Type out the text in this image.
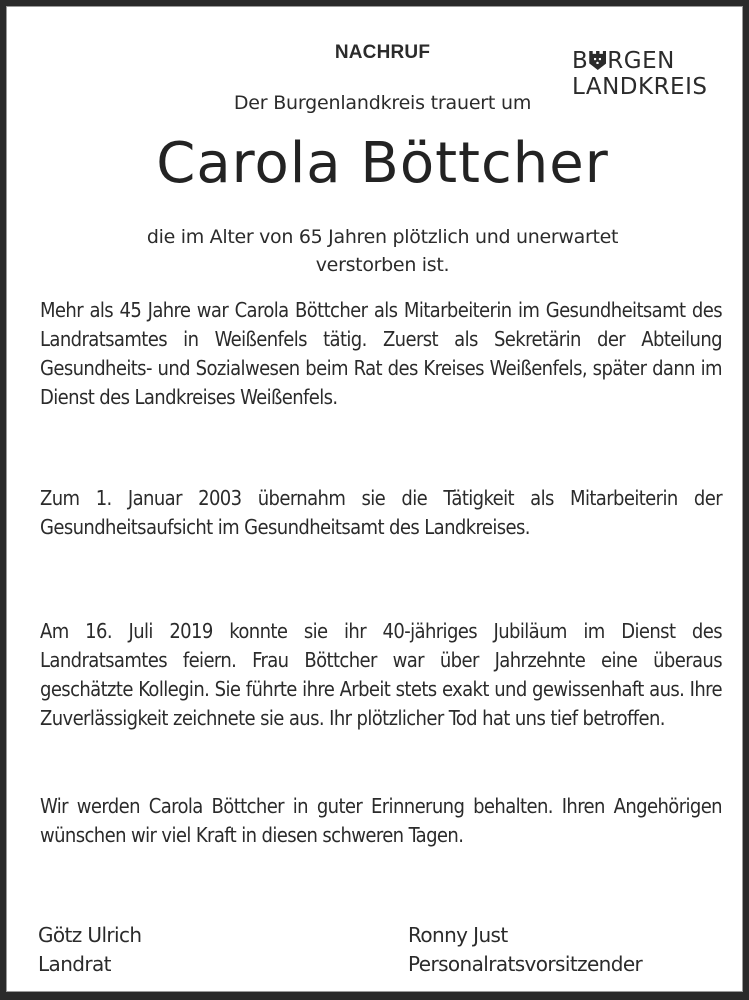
NACHRUF	B RGEN
LANDKREIS
Der Burgenlandkreis trauert um
Carola Böttcher
die im Alter von 65 Jahren plötzlich und unerwartet
verstorben ist.

Mehr als 45 Jahre war Carola Böttcher als Mitarbeiterin im Gesundheitsamt des Landratsamtes in Weißenfels tätig. Zuerst als Sekretärin der Abteilung Gesundheits- und Sozialwesen beim Rat des Kreises Weißenfels, später dann im Dienst des Landkreises Weißenfels.

Zum 1. Januar 2003 übernahm sie die Tätigkeit als Mitarbeiterin der Gesundheitsaufsicht im Gesundheitsamt des Landkreises.

Am 16. Juli 2019 konnte sie ihr 40-jähriges Jubiläum im Dienst des Landratsamtes feiern. Frau Böttcher war über Jahrzehnte eine überaus geschätzte Kollegin. Sie führte ihre Arbeit stets exakt und gewissenhaft aus. Ihre Zuverlässigkeit zeichnete sie aus. Ihr plötzlicher Tod hat uns tief betroffen.

Wir werden Carola Böttcher in guter Erinnerung behalten. Ihren Angehörigen wünschen wir viel Kraft in diesen schweren Tagen.

Götz Ulrich
Landrat
Ronny Just
Personalratsvorsitzender
